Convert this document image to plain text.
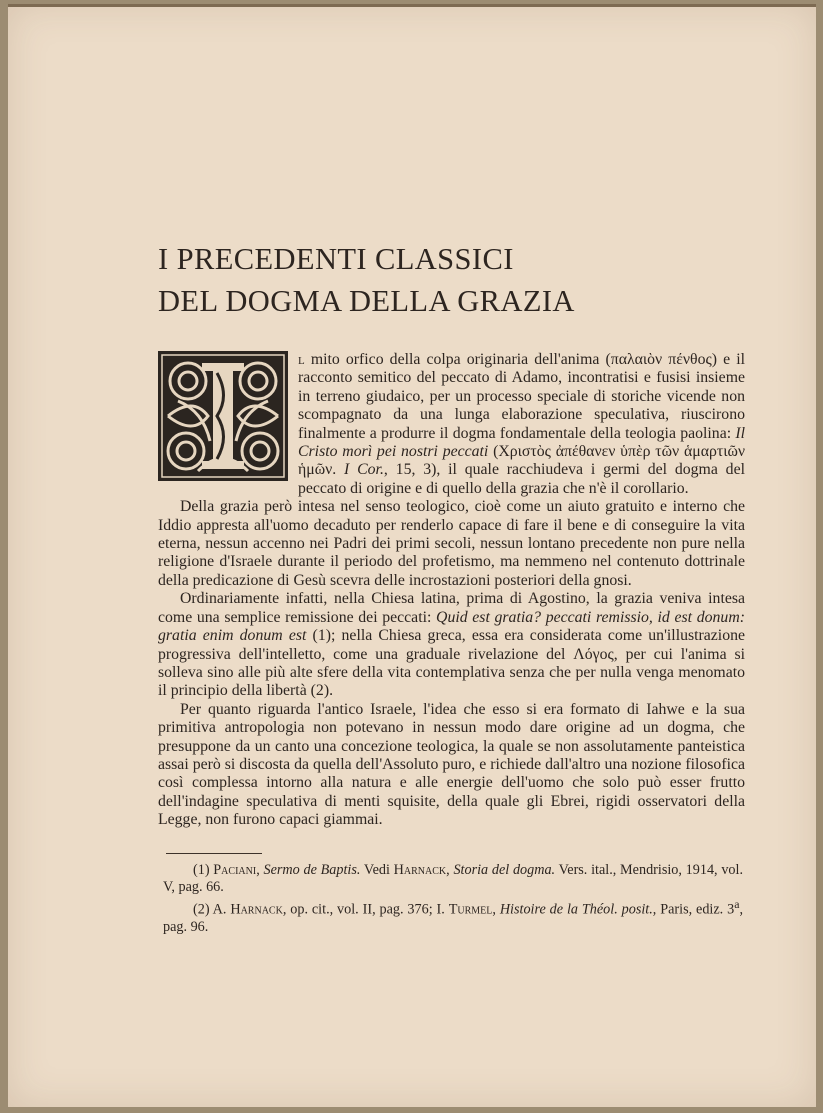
I PRECEDENTI CLASSICI
DEL DOGMA DELLA GRAZIA
I

l mito orfico della colpa originaria dell'anima (παλαιὸν πένθος) e il racconto semitico del peccato di Adamo, incontratisi e fusisi insieme in terreno giudaico, per un processo speciale di storiche vicende non scompagnato da una lunga elaborazione speculativa, riuscirono finalmente a produrre il dogma fondamentale della teologia paolina: Il Cristo morì pei nostri peccati (Χριστὸς ἀπέθανεν ὑπὲρ τῶν ἁμαρτιῶν ἡμῶν. I Cor., 15, 3), il quale racchiudeva i germi del dogma del peccato di origine e di quello della grazia che n'è il corollario.

Della grazia però intesa nel senso teologico, cioè come un aiuto gratuito e interno che Iddio appresta all'uomo decaduto per renderlo capace di fare il bene e di conseguire la vita eterna, nessun accenno nei Padri dei primi secoli, nessun lontano precedente non pure nella religione d'Israele durante il periodo del profetismo, ma nemmeno nel contenuto dottrinale della predicazione di Gesù scevra delle incrostazioni posteriori della gnosi.

Ordinariamente infatti, nella Chiesa latina, prima di Agostino, la grazia veniva intesa come una semplice remissione dei peccati: Quid est gratia? peccati remissio, id est donum: gratia enim donum est (1); nella Chiesa greca, essa era considerata come un'illustrazione progressiva dell'intelletto, come una graduale rivelazione del Λόγος, per cui l'anima si solleva sino alle più alte sfere della vita contemplativa senza che per nulla venga menomato il principio della libertà (2).

Per quanto riguarda l'antico Israele, l'idea che esso si era formato di Iahwe e la sua primitiva antropologia non potevano in nessun modo dare origine ad un dogma, che presuppone da un canto una concezione teologica, la quale se non assolutamente panteistica assai però si discosta da quella dell'Assoluto puro, e richiede dall'altro una nozione filosofica così complessa intorno alla natura e alle energie dell'uomo che solo può esser frutto dell'indagine speculativa di menti squisite, della quale gli Ebrei, rigidi osservatori della Legge, non furono capaci giammai.

(1) Paciani, Sermo de Baptis. Vedi Harnack, Storia del dogma. Vers. ital., Mendrisio, 1914, vol. V, pag. 66.

(2) A. Harnack, op. cit., vol. II, pag. 376; I. Turmel, Histoire de la Théol. posit., Paris, ediz. 3$^a$, pag. 96.
